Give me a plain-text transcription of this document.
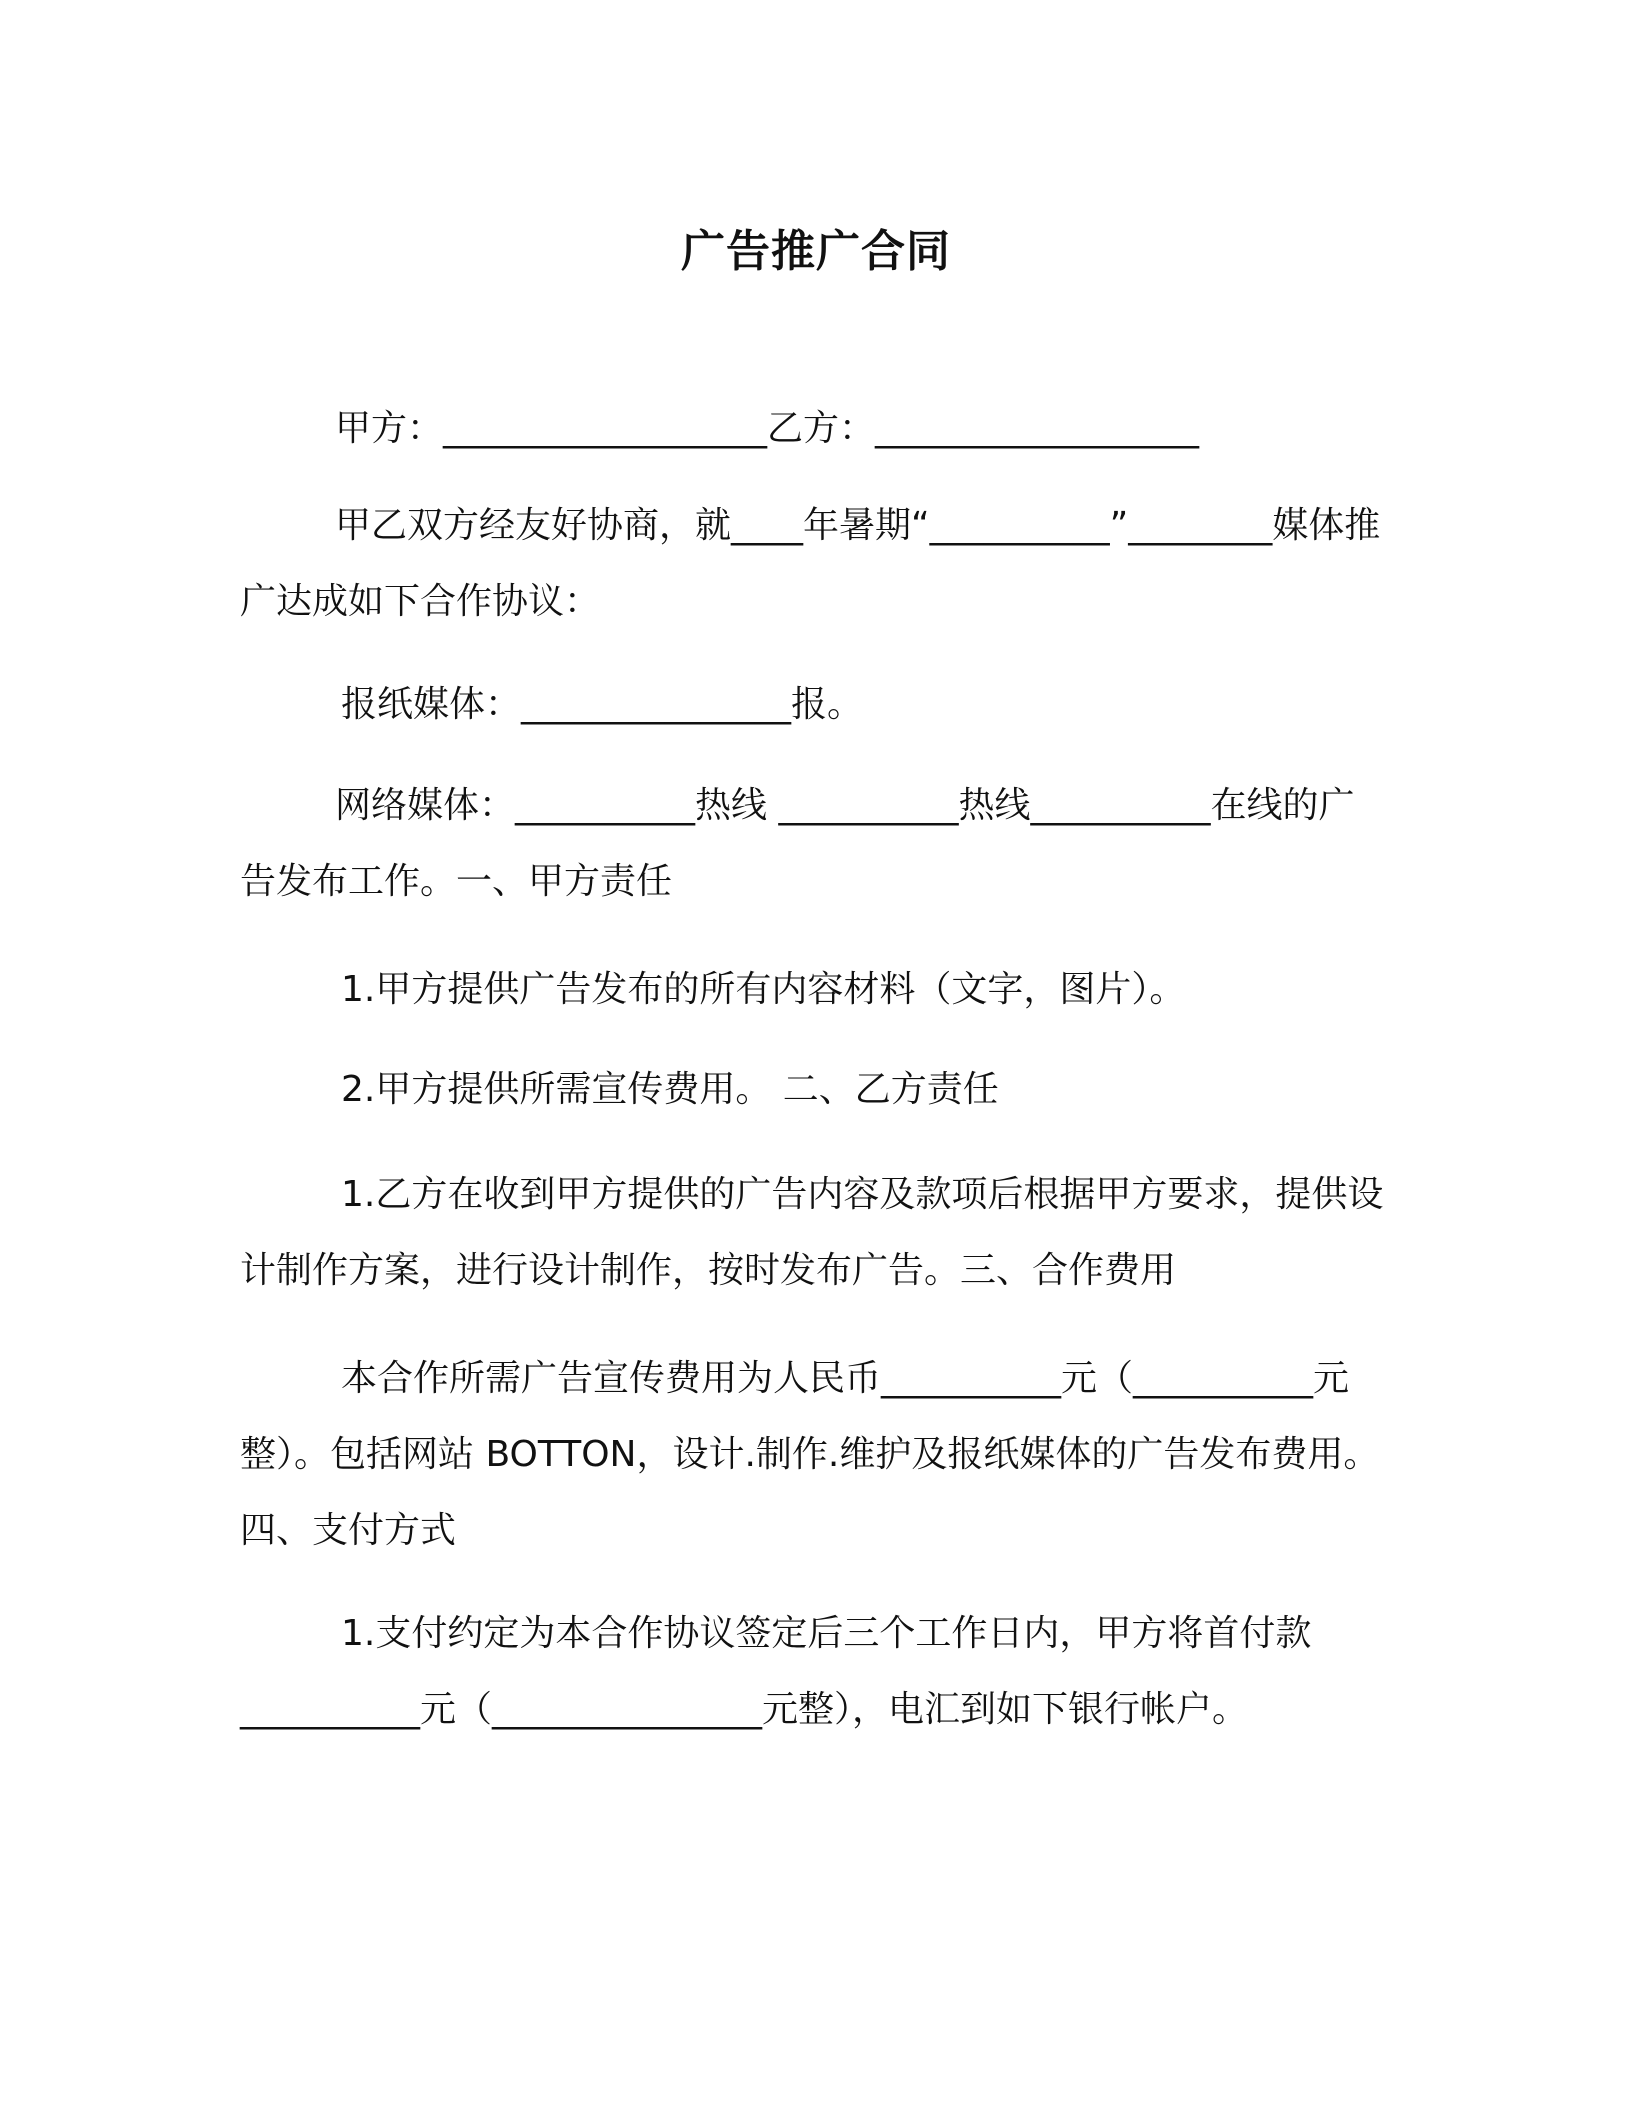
广告推广合同

甲方：__________________乙方：__________________

甲乙双方经友好协商，就____年暑期“__________”________媒体推广达成如下合作协议：

报纸媒体：_______________报。

网络媒体：__________热线 __________热线__________在线的广告发布工作。一、甲方责任

1.甲方提供广告发布的所有内容材料（文字，图片）。

2.甲方提供所需宣传费用。 二、乙方责任

1.乙方在收到甲方提供的广告内容及款项后根据甲方要求，提供设计制作方案，进行设计制作，按时发布广告。三、合作费用

本合作所需广告宣传费用为人民币__________元（__________元整）。包括网站 BOTTON，设计.制作.维护及报纸媒体的广告发布费用。四、支付方式

1.支付约定为本合作协议签定后三个工作日内，甲方将首付款__________元（_______________元整），电汇到如下银行帐户。
